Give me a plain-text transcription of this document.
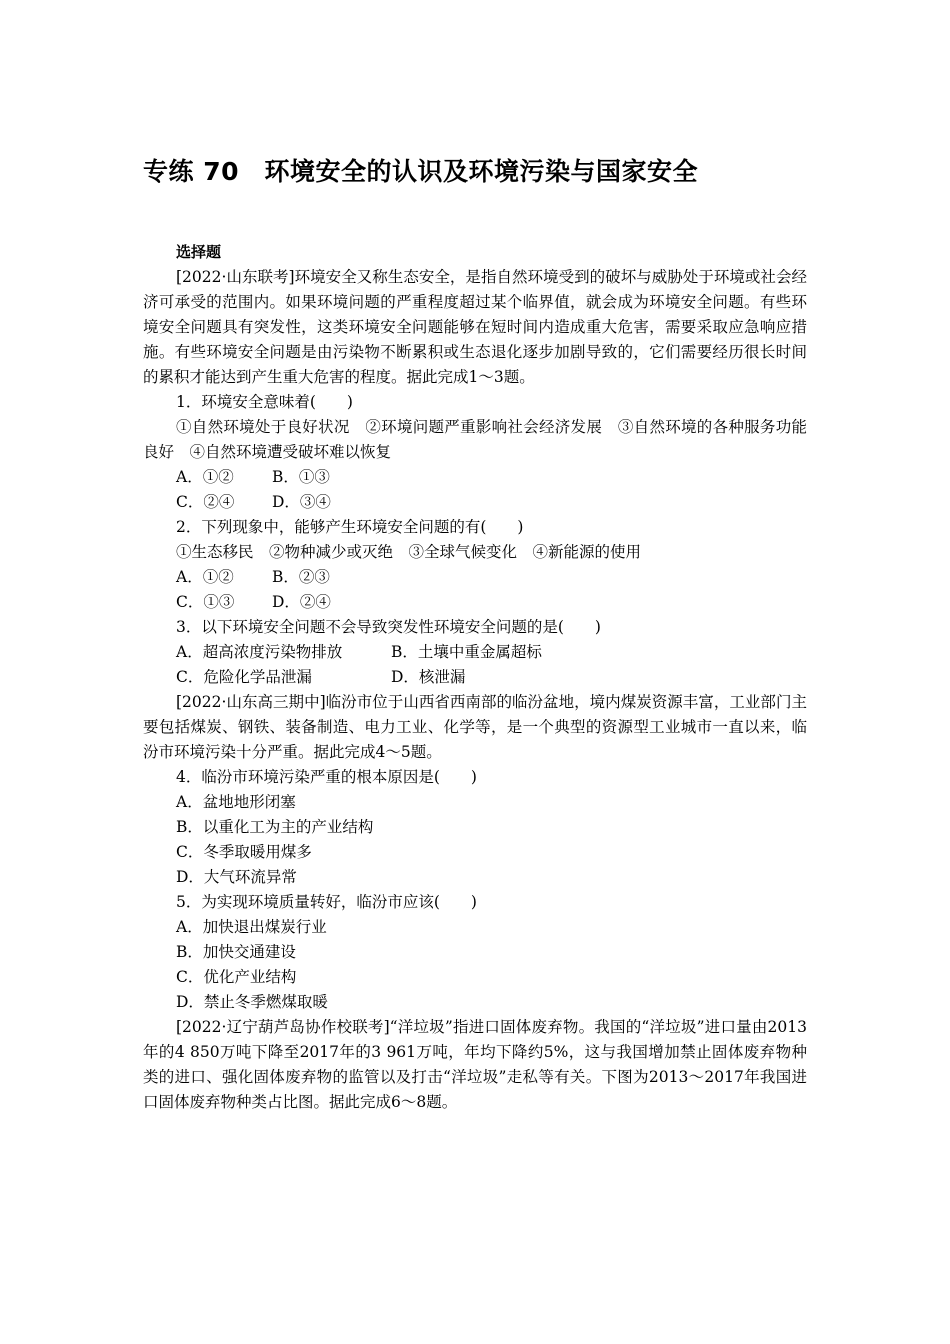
专练 70　环境安全的认识及环境污染与国家安全

选择题

[2022·山东联考]环境安全又称生态安全，是指自然环境受到的破坏与威胁处于环境或社会经济可承受的范围内。如果环境问题的严重程度超过某个临界值，就会成为环境安全问题。有些环境安全问题具有突发性，这类环境安全问题能够在短时间内造成重大危害，需要采取应急响应措施。有些环境安全问题是由污染物不断累积或生态退化逐步加剧导致的，它们需要经历很长时间的累积才能达到产生重大危害的程度。据此完成1～3题。

1．环境安全意味着(　　)

①自然环境处于良好状况　②环境问题严重影响社会经济发展　③自然环境的各种服务功能良好　④自然环境遭受破坏难以恢复

A．①② B．①③

C．②④ D．③④

2．下列现象中，能够产生环境安全问题的有(　　)

①生态移民　②物种减少或灭绝　③全球气候变化　④新能源的使用

A．①② B．②③

C．①③ D．②④

3．以下环境安全问题不会导致突发性环境安全问题的是(　　)

A．超高浓度污染物排放	B．土壤中重金属超标

C．危险化学品泄漏	D．核泄漏

[2022·山东高三期中]临汾市位于山西省西南部的临汾盆地，境内煤炭资源丰富，工业部门主要包括煤炭、钢铁、装备制造、电力工业、化学等，是一个典型的资源型工业城市一直以来，临汾市环境污染十分严重。据此完成4～5题。

4．临汾市环境污染严重的根本原因是(　　)

A．盆地地形闭塞

B．以重化工为主的产业结构

C．冬季取暖用煤多

D．大气环流异常

5．为实现环境质量转好，临汾市应该(　　)

A．加快退出煤炭行业

B．加快交通建设

C．优化产业结构

D．禁止冬季燃煤取暖

[2022·辽宁葫芦岛协作校联考]“洋垃圾”指进口固体废弃物。我国的“洋垃圾”进口量由2013年的4 850万吨下降至2017年的3 961万吨，年均下降约5%，这与我国增加禁止固体废弃物种类的进口、强化固体废弃物的监管以及打击“洋垃圾”走私等有关。下图为2013～2017年我国进口固体废弃物种类占比图。据此完成6～8题。
